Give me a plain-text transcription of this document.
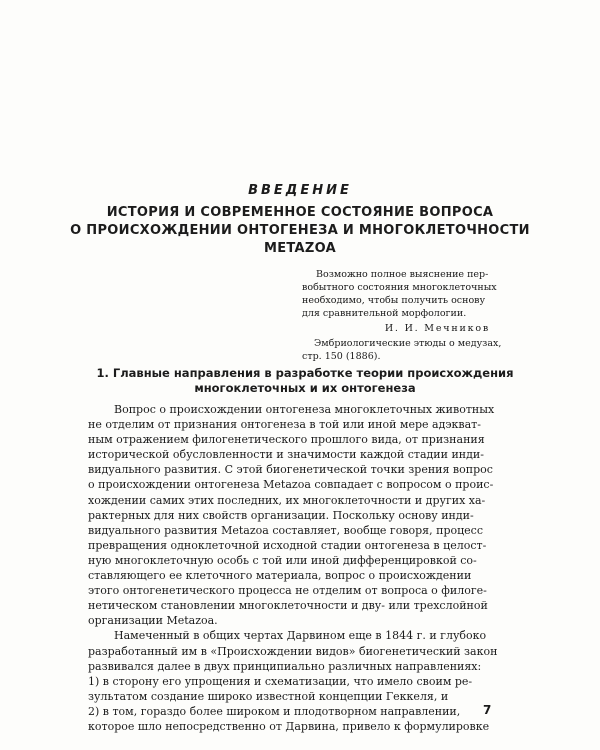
ВВЕДЕНИЕ
ИСТОРИЯ И СОВРЕМЕННОЕ СОСТОЯНИЕ ВОПРОСА
О ПРОИСХОЖДЕНИИ ОНТОГЕНЕЗА И МНОГОКЛЕТОЧНОСТИ
METAZOA
Возможно полное выяснение пер-
вобытного состояния многоклеточных
необходимо, чтобы получить основу
для сравнительной морфологии.
И. И. Мечников
Эмбриологические этюды о медузах,
стр. 150 (1886).
1. Главные направления в разработке теории происхождения
многоклеточных и их онтогенеза
Вопрос о происхождении онтогенеза многоклеточных животных
не отделим от признания онтогенеза в той или иной мере адэкват-
ным отражением филогенетического прошлого вида, от признания
исторической обусловленности и значимости каждой стадии инди-
видуального развития. С этой биогенетической точки зрения вопрос
о происхождении онтогенеза Metazoa совпадает с вопросом о проис-
хождении самих этих последних, их многоклеточности и других ха-
рактерных для них свойств организации. Поскольку основу инди-
видуального развития Metazoa составляет, вообще говоря, процесс
превращения одноклеточной исходной стадии онтогенеза в целост-
ную многоклеточную особь с той или иной дифференцировкой со-
ставляющего ее клеточного материала, вопрос о происхождении
этого онтогенетического процесса не отделим от вопроса о филоге-
нетическом становлении многоклеточности и дву- или трехслойной
организации Metazoa.
Намеченный в общих чертах Дарвином еще в 1844 г. и глубоко
разработанный им в «Происхождении видов» биогенетический закон
развивался далее в двух принципиально различных направлениях:
1) в сторону его упрощения и схематизации, что имело своим ре-
зультатом создание широко известной концепции Геккеля, и
2) в том, гораздо более широком и плодотворном направлении,
которое шло непосредственно от Дарвина, привело к формулировке
7
